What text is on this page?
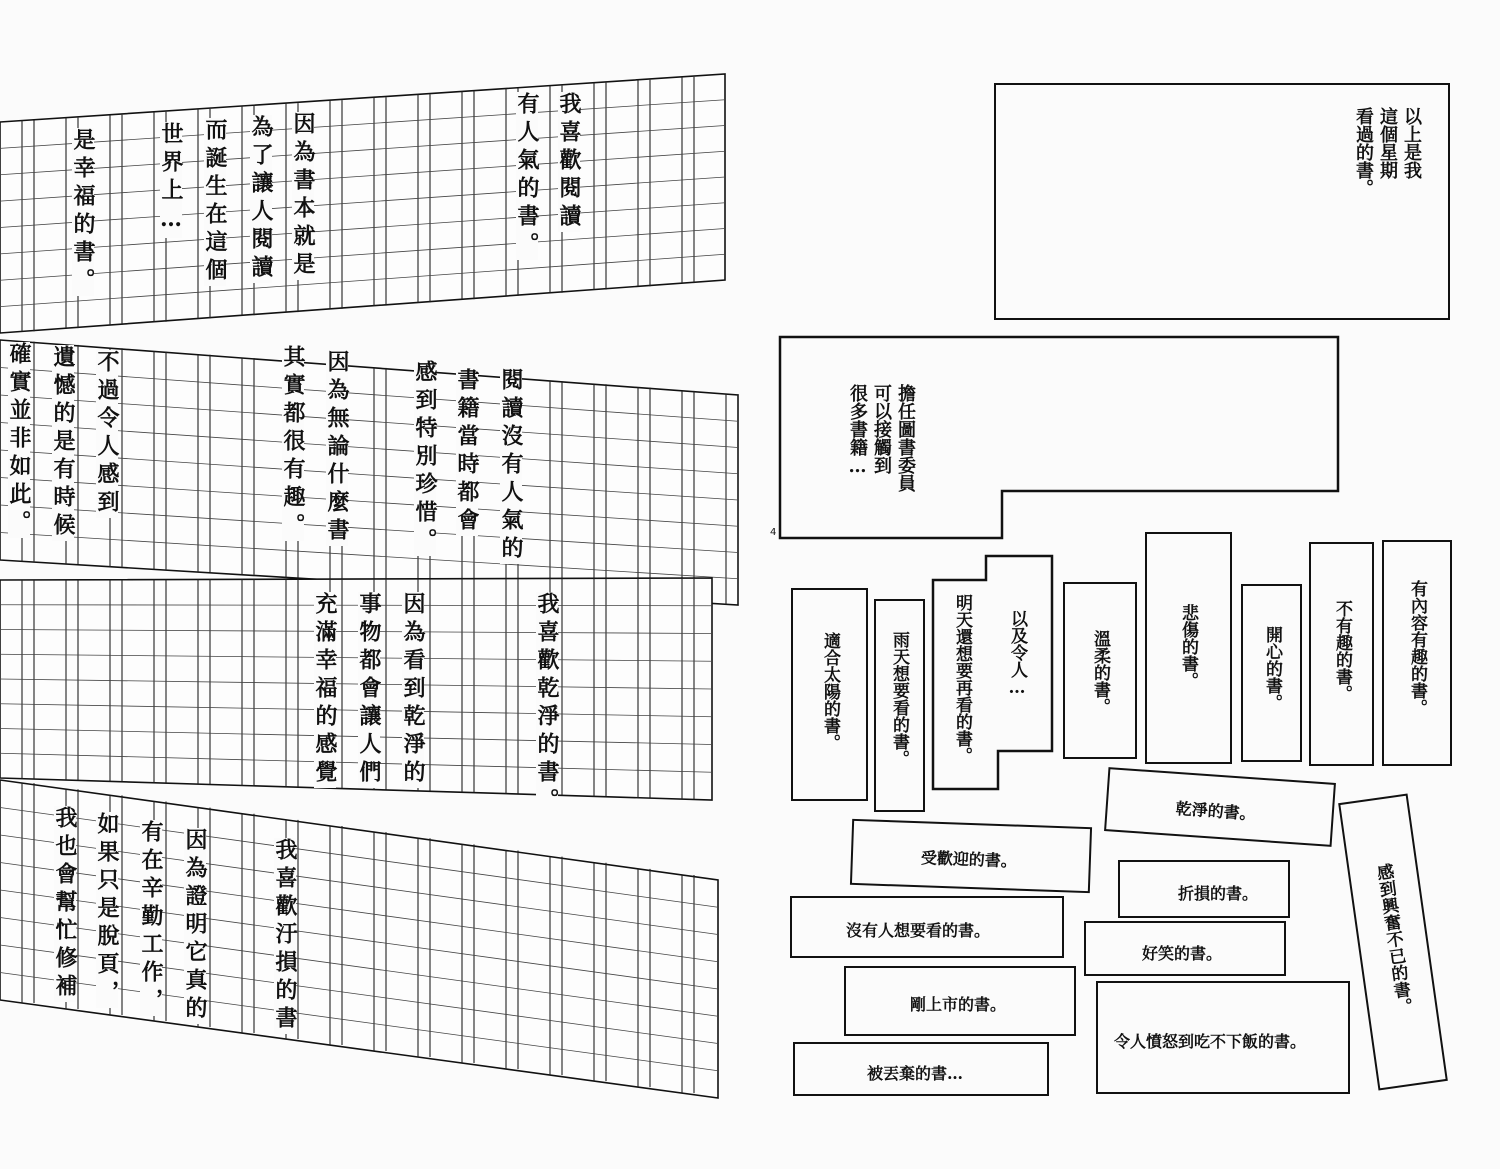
我喜歡閱讀
有人氣的書。
因為書本就是
為了讓人閱讀
而誕生在這個
世界上…
是幸福的書。
閱讀沒有人氣的
書籍當時都會
感到特別珍惜。
因為無論什麼書
其實都很有趣。
不過令人感到
遺憾的是有時候
確實並非如此。
我喜歡乾淨的書。
因為看到乾淨的
事物都會讓人們
充滿幸福的感覺
我喜歡汙損的書
因為證明它真的
有在辛勤工作，
如果只是脫頁，
我也會幫忙修補
以上是我
這個星期
看過的書。
擔任圖書委員
可以接觸到
很多書籍…
4
有內容有趣的書。
不有趣的書。
開心的書。
悲傷的書。
溫柔的書。
以及令人…
明天還想要再看的書。
雨天想要看的書。
適合太陽的書。
感到興奮不已的書。
乾淨的書。
受歡迎的書。
折損的書。
沒有人想要看的書。
好笑的書。
剛上市的書。
令人憤怒到吃不下飯的書。
被丟棄的書…
